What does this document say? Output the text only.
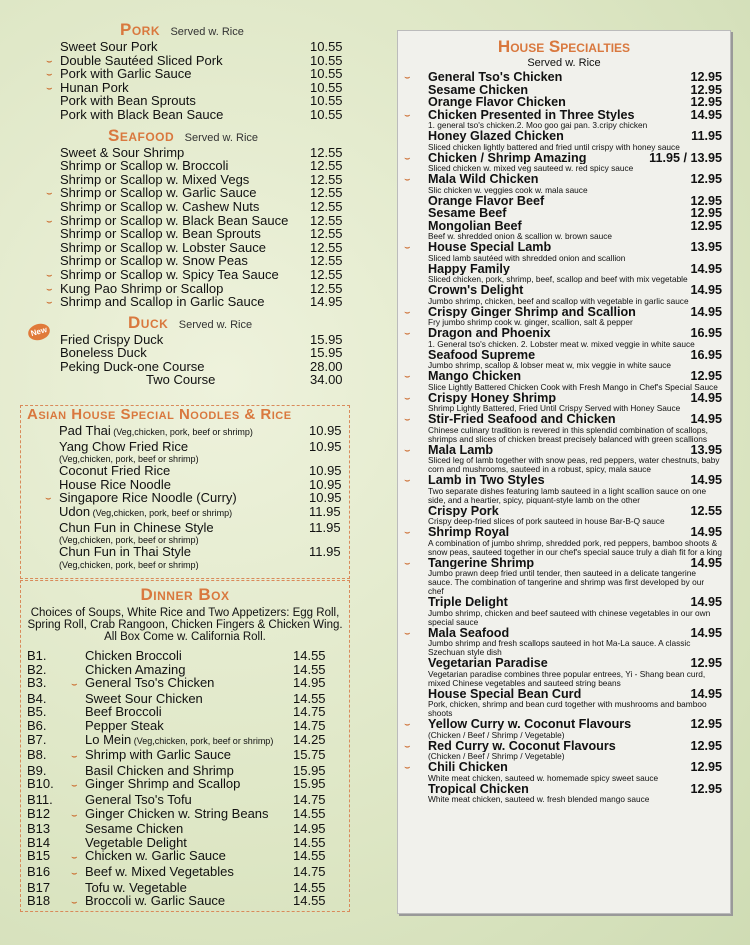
Pork Served w. Rice
Sweet Sour Pork	10.55
⌣ Double Sautéed Sliced Pork	10.55
⌣ Pork with Garlic Sauce	10.55
⌣ Hunan Pork	10.55
Pork with Bean Sprouts	10.55
Pork with Black Bean Sauce	10.55
Seafood Served w. Rice
Sweet & Sour Shrimp	12.55
Shrimp or Scallop w. Broccoli	12.55
Shrimp or Scallop w. Mixed Vegs	12.55
⌣ Shrimp or Scallop w. Garlic Sauce	12.55
Shrimp or Scallop w. Cashew Nuts	12.55
⌣ Shrimp or Scallop w. Black Bean Sauce	12.55
Shrimp or Scallop w. Bean Sprouts	12.55
Shrimp or Scallop w. Lobster Sauce	12.55
Shrimp or Scallop w. Snow Peas	12.55
⌣ Shrimp or Scallop w. Spicy Tea Sauce	12.55
⌣ Kung Pao Shrimp or Scallop	12.55
⌣ Shrimp and Scallop in Garlic Sauce	14.95
Duck Served w. Rice
Fried Crispy Duck	15.95
Boneless Duck	15.95
Peking Duck-one Course	28.00
Two Course	34.00
New
Asian House Special Noodles & Rice
Pad Thai (Veg,chicken, pork, beef or shrimp)	10.95
Yang Chow Fried Rice	10.95
(Veg,chicken, pork, beef or shrimp)
Coconut Fried Rice	10.95
House Rice Noodle	10.95
⌣ Singapore Rice Noodle (Curry)	10.95
Udon (Veg,chicken, pork, beef or shrimp)	11.95
Chun Fun in Chinese Style	11.95
(Veg,chicken, pork, beef or shrimp)
Chun Fun in Thai Style	11.95
(Veg,chicken, pork, beef or shrimp)
Dinner Box
Choices of Soups, White Rice and Two Appetizers: Egg Roll, Spring Roll, Crab Rangoon, Chicken Fingers & Chicken Wing. All Box Come w. California Roll.
B1.	Chicken Broccoli	14.55
B2.	Chicken Amazing	14.55
B3.	⌣ General Tso's Chicken	14.95
B4.	Sweet Sour Chicken	14.55
B5.	Beef Broccoli	14.75
B6.	Pepper Steak	14.75
B7.	Lo Mein (Veg,chicken, pork, beef or shrimp)	14.25
B8.	⌣ Shrimp with Garlic Sauce	15.75
B9.	Basil Chicken and Shrimp	15.95
B10.	⌣ Ginger Shrimp and Scallop	15.95
B11.	General Tso's Tofu	14.75
B12	⌣ Ginger Chicken w. String Beans	14.55
B13	Sesame Chicken	14.95
B14	Vegetable Delight	14.55
B15	⌣ Chicken w. Garlic Sauce	14.55
B16	⌣ Beef w. Mixed Vegetables	14.75
B17	Tofu w. Vegetable	14.55
B18	⌣ Broccoli w. Garlic Sauce	14.55
House Specialties
Served w. Rice
⌣ General Tso's Chicken	12.95
Sesame Chicken	12.95
Orange Flavor Chicken	12.95
⌣ Chicken Presented in Three Styles	14.95
1. general tso's chicken.2. Moo goo gai pan. 3.cripy chicken
Honey Glazed Chicken	11.95
Sliced chicken lightly battered and fried until crispy with honey sauce
⌣ Chicken / Shrimp Amazing	11.95 / 13.95
Sliced chicken w. mixed veg sauteed w. red spicy sauce
⌣ Mala Wild Chicken	12.95
Slic chicken w. veggies cook w. mala sauce
Orange Flavor Beef	12.95
Sesame Beef	12.95
Mongolian Beef	12.95
Beef w. shredded onion & scallion w. brown sauce
⌣ House Special Lamb	13.95
Sliced lamb sautéed with shredded onion and scallion
Happy Family	14.95
Sliced chicken, pork, shrimp, beef, scallop and beef with mix vegetable
Crown's Delight	14.95
Jumbo shrimp, chicken, beef and scallop with vegetable in garlic sauce
⌣ Crispy Ginger Shrimp and Scallion	14.95
Fry jumbo shrimp cook w. ginger, scallion, salt & pepper
⌣ Dragon and Phoenix	16.95
1. General tso's chicken. 2. Lobster meat w. mixed veggie in white sauce
Seafood Supreme	16.95
Jumbo shrimp, scallop & lobser meat w, mix veggie in white sauce
⌣ Mango Chicken	12.95
Slice Lightly Battered Chicken Cook with Fresh Mango in Chef's Special Sauce
⌣ Crispy Honey Shrimp	14.95
Shrimp Lightly Battered, Fried Until Crispy Served with Honey Sauce
⌣ Stir-Fried Seafood and Chicken	14.95
Chinese culinary tradition is revered in this splendid combination of scallops, shrimps and slices of chicken breast precisely balanced with green scallions
⌣ Mala Lamb	13.95
Sliced leg of lamb together with snow peas, red peppers, water chestnuts, baby corn and mushrooms, sauteed in a robust, spicy, mala sauce
⌣ Lamb in Two Styles	14.95
Two separate dishes featuring lamb sauteed in a light scallion sauce on one side, and a heartier, spicy, piquant-style lamb on the other
Crispy Pork	12.55
Crispy deep-fried slices of pork sauteed in house Bar-B-Q sauce
⌣ Shrimp Royal	14.95
A combination of jumbo shrimp, shredded pork, red peppers, bamboo shoots & snow peas, sauteed together in our chef's special sauce truly a diah fit for a king
⌣ Tangerine Shrimp	14.95
Jumbo prawn deep fried until tender, then sauteed in a delicate tangerine sauce. The combination of tangerine and shrimp was first developed by our chef
Triple Delight	14.95
Jumbo shrimp, chicken and beef sauteed with chinese vegetables in our own special sauce
⌣ Mala Seafood	14.95
Jumbo shrimp and fresh scallops sauteed in hot Ma-La sauce. A classic Szechuan style dish
Vegetarian Paradise	12.95
Vegetarian paradise combines three popular entrees, Yi - Shang bean curd, mixed Chinese vegetables and sauteed string beans
House Special Bean Curd	14.95
Pork, chicken, shrimp and bean curd together with mushrooms and bamboo shoots
⌣ Yellow Curry w. Coconut Flavours	12.95
(Chicken / Beef / Shrimp / Vegetable)
⌣ Red Curry w. Coconut Flavours	12.95
(Chicken / Beef / Shrimp / Vegetable)
⌣ Chili Chicken	12.95
White meat chicken, sauteed w. homemade spicy sweet sauce
Tropical Chicken	12.95
White meat chicken, sauteed w. fresh blended mango sauce
